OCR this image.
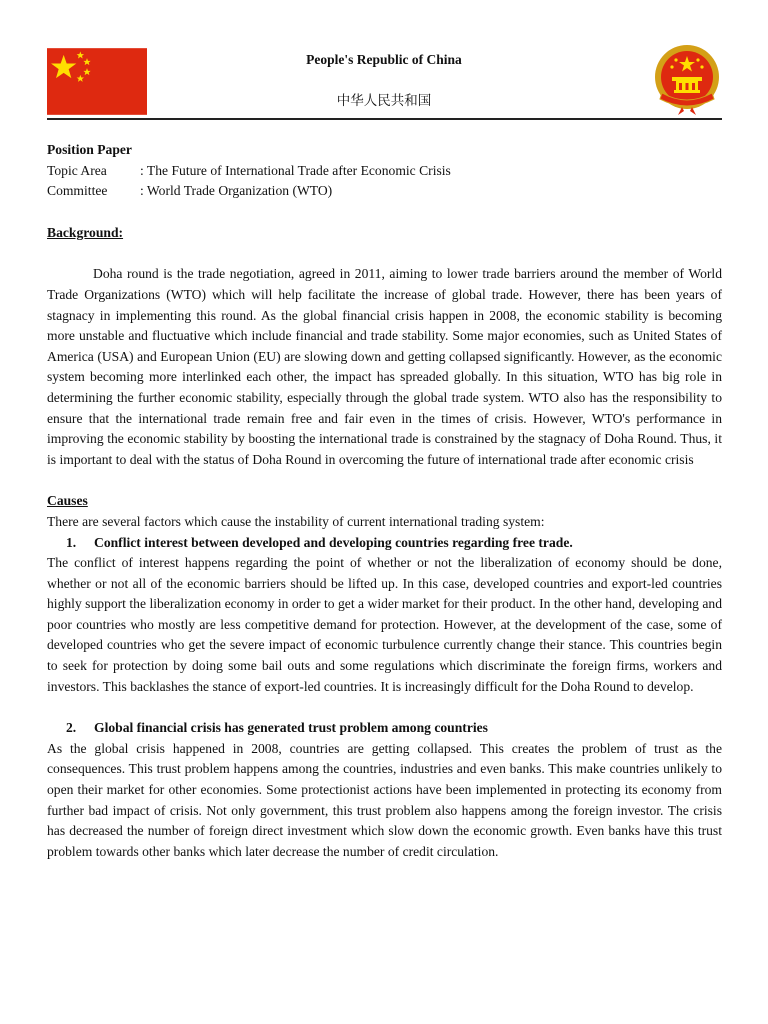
People's Republic of China
中华人民共和国

Position Paper

Topic Area	: The Future of International Trade after Economic Crisis
Committee	: World Trade Organization (WTO)

Background:

Doha round is the trade negotiation, agreed in 2011, aiming to lower trade barriers around the member of World Trade Organizations (WTO) which will help facilitate the increase of global trade. However, there has been years of stagnacy in implementing this round. As the global financial crisis happen in 2008, the economic stability is becoming more unstable and fluctuative which include financial and trade stability. Some major economies, such as United States of America (USA) and European Union (EU) are slowing down and getting collapsed significantly. However, as the economic system becoming more interlinked each other, the impact has spreaded globally. In this situation, WTO has big role in determining the further economic stability, especially through the global trade system. WTO also has the responsibility to ensure that the international trade remain free and fair even in the times of crisis. However, WTO's performance in improving the economic stability by boosting the international trade is constrained by the stagnacy of Doha Round. Thus, it is important to deal with the status of Doha Round in overcoming the future of international trade after economic crisis

Causes

There are several factors which cause the instability of current international trading system:

1. Conflict interest between developed and developing countries regarding free trade.

The conflict of interest happens regarding the point of whether or not the liberalization of economy should be done, whether or not all of the economic barriers should be lifted up. In this case, developed countries and export-led countries highly support the liberalization economy in order to get a wider market for their product. In the other hand, developing and poor countries who mostly are less competitive demand for protection. However, at the development of the case, some of developed countries who get the severe impact of economic turbulence currently change their stance. This countries begin to seek for protection by doing some bail outs and some regulations which discriminate the foreign firms, workers and investors. This backlashes the stance of export-led countries. It is increasingly difficult for the Doha Round to develop.

2. Global financial crisis has generated trust problem among countries

As the global crisis happened in 2008, countries are getting collapsed. This creates the problem of trust as the consequences. This trust problem happens among the countries, industries and even banks. This make countries unlikely to open their market for other economies. Some protectionist actions have been implemented in protecting its economy from further bad impact of crisis. Not only government, this trust problem also happens among the foreign investor. The crisis has decreased the number of foreign direct investment which slow down the economic growth. Even banks have this trust problem towards other banks which later decrease the number of credit circulation.
